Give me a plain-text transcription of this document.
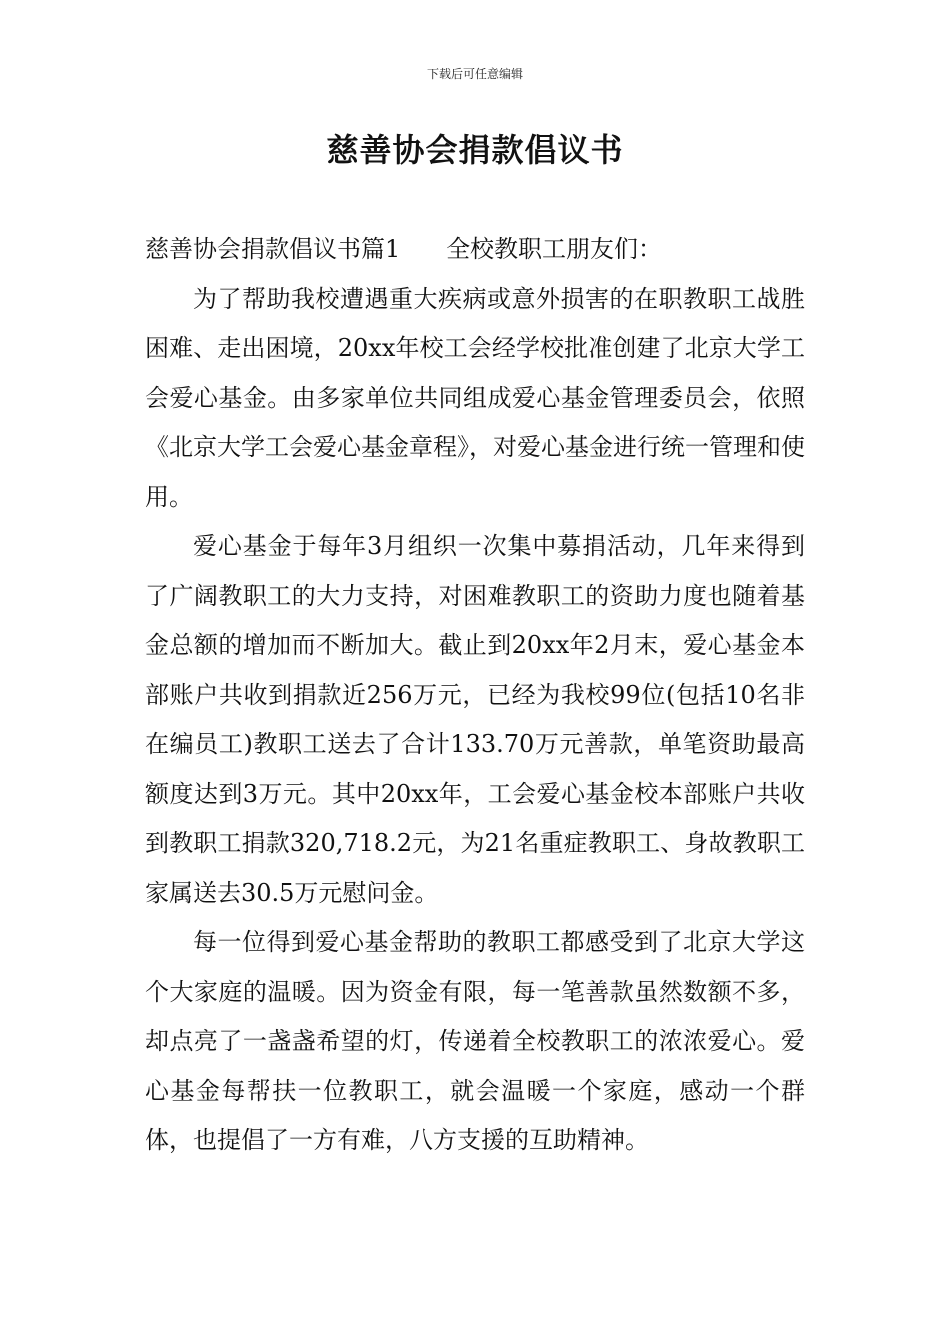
下载后可任意编辑
慈善协会捐款倡议书

慈善协会捐款倡议书篇1 全校教职工朋友们：

为了帮助我校遭遇重大疾病或意外损害的在职教职工战胜困难、走出困境，20xx年校工会经学校批准创建了北京大学工会爱心基金。由多家单位共同组成爱心基金管理委员会，依照《北京大学工会爱心基金章程》，对爱心基金进行统一管理和使用。

爱心基金于每年3月组织一次集中募捐活动，几年来得到了广阔教职工的大力支持，对困难教职工的资助力度也随着基金总额的增加而不断加大。截止到20xx年2月末，爱心基金本部账户共收到捐款近256万元，已经为我校99位(包括10名非在编员工)教职工送去了合计133.70万元善款，单笔资助最高额度达到3万元。其中20xx年，工会爱心基金校本部账户共收到教职工捐款320,718.2元，为21名重症教职工、身故教职工家属送去30.5万元慰问金。

每一位得到爱心基金帮助的教职工都感受到了北京大学这个大家庭的温暖。因为资金有限，每一笔善款虽然数额不多，却点亮了一盏盏希望的灯，传递着全校教职工的浓浓爱心。爱心基金每帮扶一位教职工，就会温暖一个家庭，感动一个群体，也提倡了一方有难，八方支援的互助精神。
